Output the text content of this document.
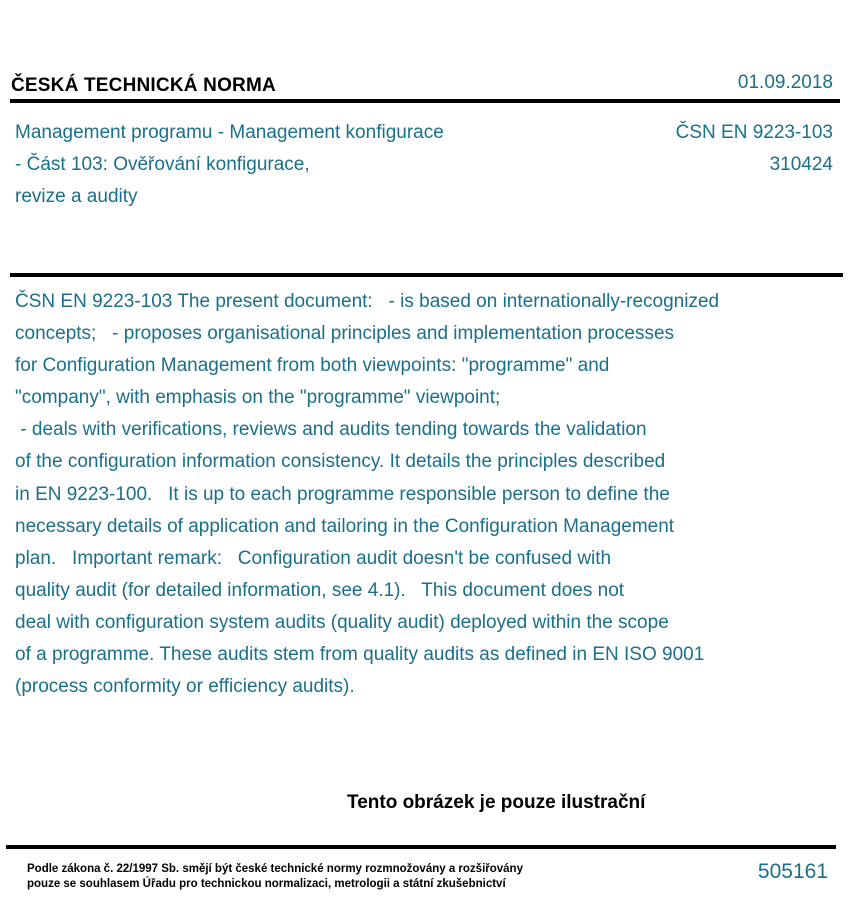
ČESKÁ TECHNICKÁ NORMA	01.09.2018
Management programu - Management konfigurace
- Část 103: Ověřování konfigurace,
revize a audity
ČSN EN 9223-103
310424
ČSN EN 9223-103 The present document:   - is based on internationally-recognized
concepts;   - proposes organisational principles and implementation processes
for Configuration Management from both viewpoints: "programme" and
"company", with emphasis on the "programme" viewpoint;
- deals with verifications, reviews and audits tending towards the validation
of the configuration information consistency. It details the principles described
in EN 9223-100.   It is up to each programme responsible person to define the
necessary details of application and tailoring in the Configuration Management
plan.   Important remark:   Configuration audit doesn't be confused with
quality audit (for detailed information, see 4.1).   This document does not
deal with configuration system audits (quality audit) deployed within the scope
of a programme. These audits stem from quality audits as defined in EN ISO 9001
(process conformity or efficiency audits).
Tento obrázek je pouze ilustrační
Podle zákona č. 22/1997 Sb. smějí být české technické normy rozmnožovány a rozšiřovány
pouze se souhlasem Úřadu pro technickou normalizaci, metrologii a státní zkušebnictví
505161
